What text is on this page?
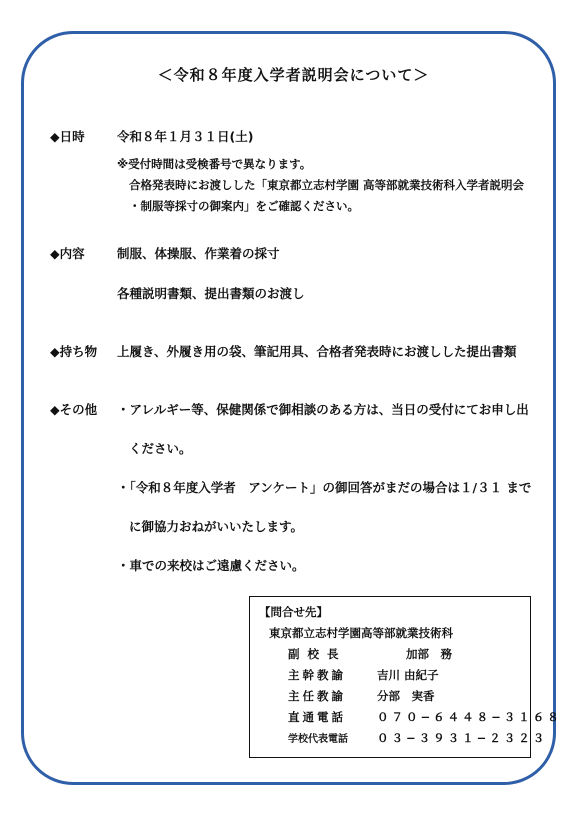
＜令和８年度入学者説明会について＞
◆日時	令和８年１月３１日(土)
※受付時間は受検番号で異なります。
合格発表時にお渡しした「東京都立志村学園 高等部就業技術科入学者説明会
・制服等採寸の御案内」をご確認ください。
◆内容	制服、体操服、作業着の採寸
各種説明書類、提出書類のお渡し
◆持ち物 上履き、外履き用の袋、筆記用具、合格者発表時にお渡しした提出書類
◆その他 ・アレルギー等、保健関係で御相談のある方は、当日の受付にてお申し出
ください。
・「令和８年度入学者　アンケート」の御回答がまだの場合は１/３１ まで
に御協力おねがいいたします。
・車での来校はご遠慮ください。
【問合せ先】
東京都立志村学園高等部就業技術科
副校長	加部　務
主幹教諭	吉川 由紀子
主任教諭	分部　実香
直通電話	０７０−６４４８−３１６８
学校代表電話	０３−３９３１−２３２３
